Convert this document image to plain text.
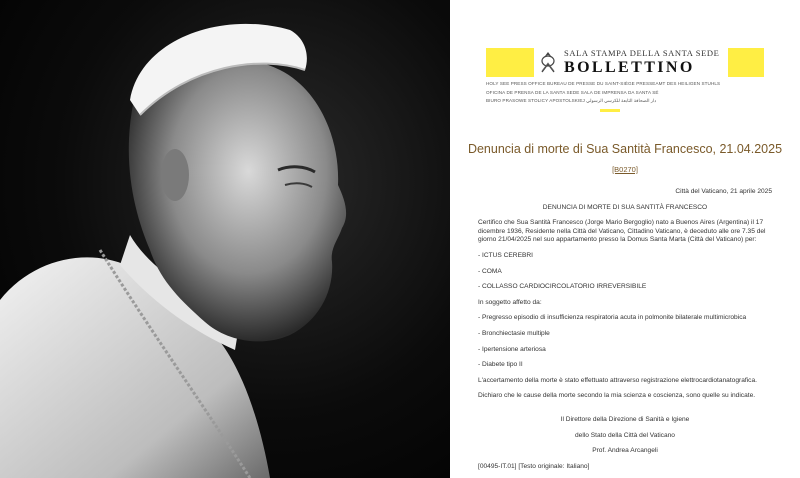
SALA STAMPA DELLA SANTA SEDE
BOLLETTINO
HOLY SEE PRESS OFFICE BUREAU DE PRESSE DU SAINT-SIÈGE PRESSEAMT DES HEILIGEN STUHLS
OFICINA DE PRENSA DE LA SANTA SEDE SALA DE IMPRENSA DA SANTA SÉ
BIURO PRASOWE STOLICY APOSTOLSKIEJ دار الصحافة التابعة للكرسي الرسولي
Denuncia di morte di Sua Santità Francesco, 21.04.2025
[B0270]
Città del Vaticano, 21 aprile 2025
DENUNCIA DI MORTE DI SUA SANTITÀ FRANCESCO
Certifico che Sua Santità Francesco (Jorge Mario Bergoglio) nato a Buenos Aires (Argentina) il 17 dicembre 1936, Residente nella Città del Vaticano, Cittadino Vaticano, è deceduto alle ore 7.35 del giorno 21/04/2025 nel suo appartamento presso la Domus Santa Marta (Città del Vaticano) per:
- ICTUS CEREBRI
- COMA
- COLLASSO CARDIOCIRCOLATORIO IRREVERSIBILE
In soggetto affetto da:
- Pregresso episodio di insufficienza respiratoria acuta in polmonite bilaterale multimicrobica
- Bronchiectasie multiple
- Ipertensione arteriosa
- Diabete tipo II
L'accertamento della morte è stato effettuato attraverso registrazione elettrocardiotanatografica.
Dichiaro che le cause della morte secondo la mia scienza e coscienza, sono quelle su indicate.
Il Direttore della Direzione di Sanità e Igiene
dello Stato della Città del Vaticano
Prof. Andrea Arcangeli
[00495-IT.01] [Testo originale: Italiano]
